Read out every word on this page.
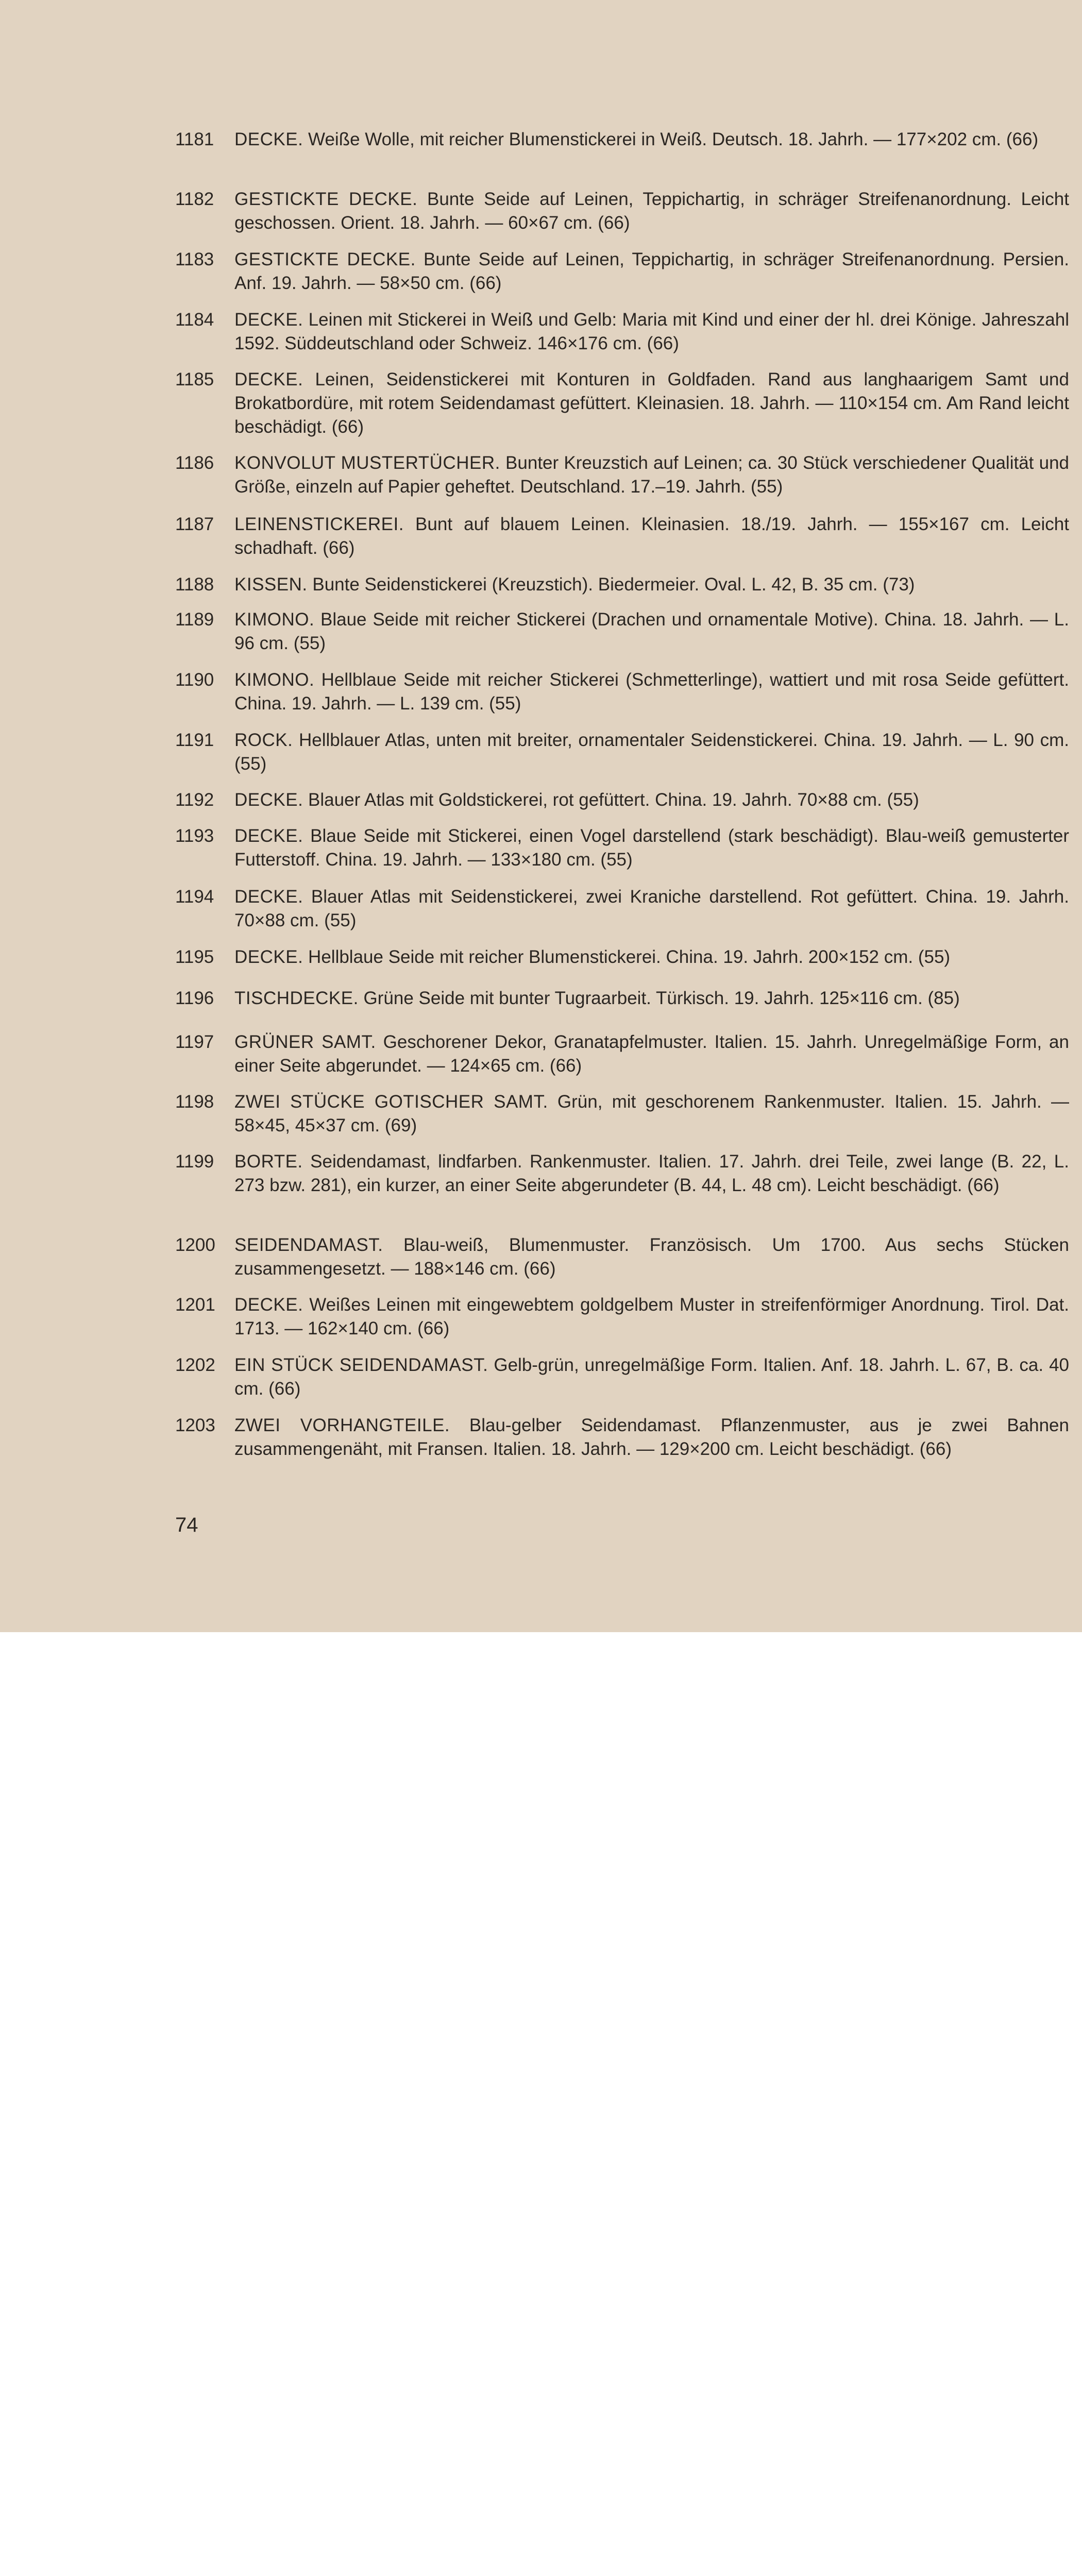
1181	DECKE. Weiße Wolle, mit reicher Blumenstickerei in Weiß. Deutsch. 18. Jahrh. — 177×202 cm. (66)
1182	GESTICKTE DECKE. Bunte Seide auf Leinen, Teppichartig, in schräger Streifenanordnung. Leicht geschossen. Orient. 18. Jahrh. — 60×67 cm. (66)
1183	GESTICKTE DECKE. Bunte Seide auf Leinen, Teppichartig, in schräger Streifenanordnung. Persien. Anf. 19. Jahrh. — 58×50 cm. (66)
1184	DECKE. Leinen mit Stickerei in Weiß und Gelb: Maria mit Kind und einer der hl. drei Könige. Jahreszahl 1592. Süddeutschland oder Schweiz. 146×176 cm. (66)
1185	DECKE. Leinen, Seidenstickerei mit Konturen in Goldfaden. Rand aus langhaarigem Samt und Brokatbordüre, mit rotem Seidendamast gefüttert. Kleinasien. 18. Jahrh. — 110×154 cm. Am Rand leicht beschädigt. (66)
1186	KONVOLUT MUSTERTÜCHER. Bunter Kreuzstich auf Leinen; ca. 30 Stück verschiedener Qualität und Größe, einzeln auf Papier geheftet. Deutschland. 17.–19. Jahrh. (55)
1187	LEINENSTICKEREI. Bunt auf blauem Leinen. Kleinasien. 18./19. Jahrh. — 155×167 cm. Leicht schadhaft. (66)
1188	KISSEN. Bunte Seidenstickerei (Kreuzstich). Biedermeier. Oval. L. 42, B. 35 cm. (73)
1189	KIMONO. Blaue Seide mit reicher Stickerei (Drachen und ornamentale Motive). China. 18. Jahrh. — L. 96 cm. (55)
1190	KIMONO. Hellblaue Seide mit reicher Stickerei (Schmetterlinge), wattiert und mit rosa Seide gefüttert. China. 19. Jahrh. — L. 139 cm. (55)
1191	ROCK. Hellblauer Atlas, unten mit breiter, ornamentaler Seidenstickerei. China. 19. Jahrh. — L. 90 cm. (55)
1192	DECKE. Blauer Atlas mit Goldstickerei, rot gefüttert. China. 19. Jahrh. 70×88 cm. (55)
1193	DECKE. Blaue Seide mit Stickerei, einen Vogel darstellend (stark beschädigt). Blau-weiß gemusterter Futterstoff. China. 19. Jahrh. — 133×180 cm. (55)
1194	DECKE. Blauer Atlas mit Seidenstickerei, zwei Kraniche darstellend. Rot gefüttert. China. 19. Jahrh. 70×88 cm. (55)
1195	DECKE. Hellblaue Seide mit reicher Blumenstickerei. China. 19. Jahrh. 200×152 cm. (55)
1196	TISCHDECKE. Grüne Seide mit bunter Tugraarbeit. Türkisch. 19. Jahrh. 125×116 cm. (85)
1197	GRÜNER SAMT. Geschorener Dekor, Granatapfelmuster. Italien. 15. Jahrh. Unregelmäßige Form, an einer Seite abgerundet. — 124×65 cm. (66)
1198	ZWEI STÜCKE GOTISCHER SAMT. Grün, mit geschorenem Rankenmuster. Italien. 15. Jahrh. — 58×45, 45×37 cm. (69)
1199	BORTE. Seidendamast, lindfarben. Rankenmuster. Italien. 17. Jahrh. drei Teile, zwei lange (B. 22, L. 273 bzw. 281), ein kurzer, an einer Seite abgerundeter (B. 44, L. 48 cm). Leicht beschädigt. (66)
1200	SEIDENDAMAST. Blau-weiß, Blumenmuster. Französisch. Um 1700. Aus sechs Stücken zusammengesetzt. — 188×146 cm. (66)
1201	DECKE. Weißes Leinen mit eingewebtem goldgelbem Muster in streifenförmiger Anordnung. Tirol. Dat. 1713. — 162×140 cm. (66)
1202	EIN STÜCK SEIDENDAMAST. Gelb-grün, unregelmäßige Form. Italien. Anf. 18. Jahrh. L. 67, B. ca. 40 cm. (66)
1203	ZWEI VORHANGTEILE. Blau-gelber Seidendamast. Pflanzenmuster, aus je zwei Bahnen zusammengenäht, mit Fransen. Italien. 18. Jahrh. — 129×200 cm. Leicht beschädigt. (66)
74
